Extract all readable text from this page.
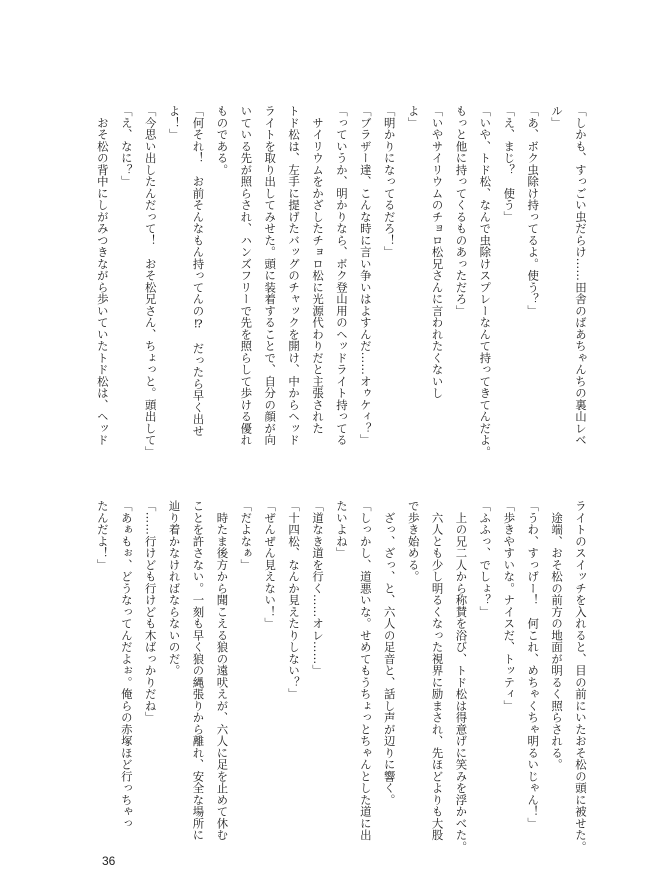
「しかも、すっごい虫だらけ……田舎のばあちゃんちの裏山レベ
ル」
「あ、ボク虫除け持ってるよ。使う？」
「え、まじ？　使う」
「いや、トド松、なんで虫除けスプレーなんて持ってきてんだよ。
もっと他に持ってくるものあっただろ」
「いやサイリウムのチョロ松兄さんに言われたくないし
よ」
「明かりになってるだろ！」
「ブラザー達、こんな時に言い争いはよすんだ……オゥケィ？」
「っていうか、明かりなら、ボク登山用のヘッドライト持ってる
　サイリウムをかざしたチョロ松に光源代わりだと主張された
トド松は、左手に提げたバッグのチャックを開け、中からヘッド
ライトを取り出してみせた。頭に装着することで、自分の顔が向
いている先が照らされ、ハンズフリーで先を照らして歩ける優れ
ものである。
「何それ！　お前そんなもん持ってんの⁉　だったら早く出せ
よ！」
「今思い出したんだって！　おそ松兄さん、ちょっと。頭出して」
「え、なに？」
　おそ松の背中にしがみつきながら歩いていたトド松は、ヘッド
ライトのスイッチを入れると、目の前にいたおそ松の頭に被せた。
　途端、おそ松の前方の地面が明るく照らされる。
「うわ、すっげー！　何これ、めちゃくちゃ明るいじゃん！」
「歩きやすいな。ナイスだ、トッティ」
「ふふっ、でしょ？」
　上の兄二人から称賛を浴び、トド松は得意げに笑みを浮かべた。
　六人とも少し明るくなった視界に励まされ、先ほどよりも大股
で歩き始める。
　ざっ、ざっ、と、六人の足音と、話し声が辺りに響く。
「しっかし、道悪いな。せめてもうちょっとちゃんとした道に出
たいよね」
「道なき道を行く……オレ……」
「十四松、なんか見えたりしない？」
「ぜんぜん見えない！」
「だよなぁ」
　時たま後方から聞こえる狼の遠吠えが、六人に足を止めて休む
ことを許さない。一刻も早く狼の縄張りから離れ、安全な場所に
辿り着かなければならないのだ。
「……行けども行けども木ばっかりだね」
「あぁもぉ、どうなってんだよぉ。俺らの赤塚ほど行っちゃっ
たんだよ！」
36
